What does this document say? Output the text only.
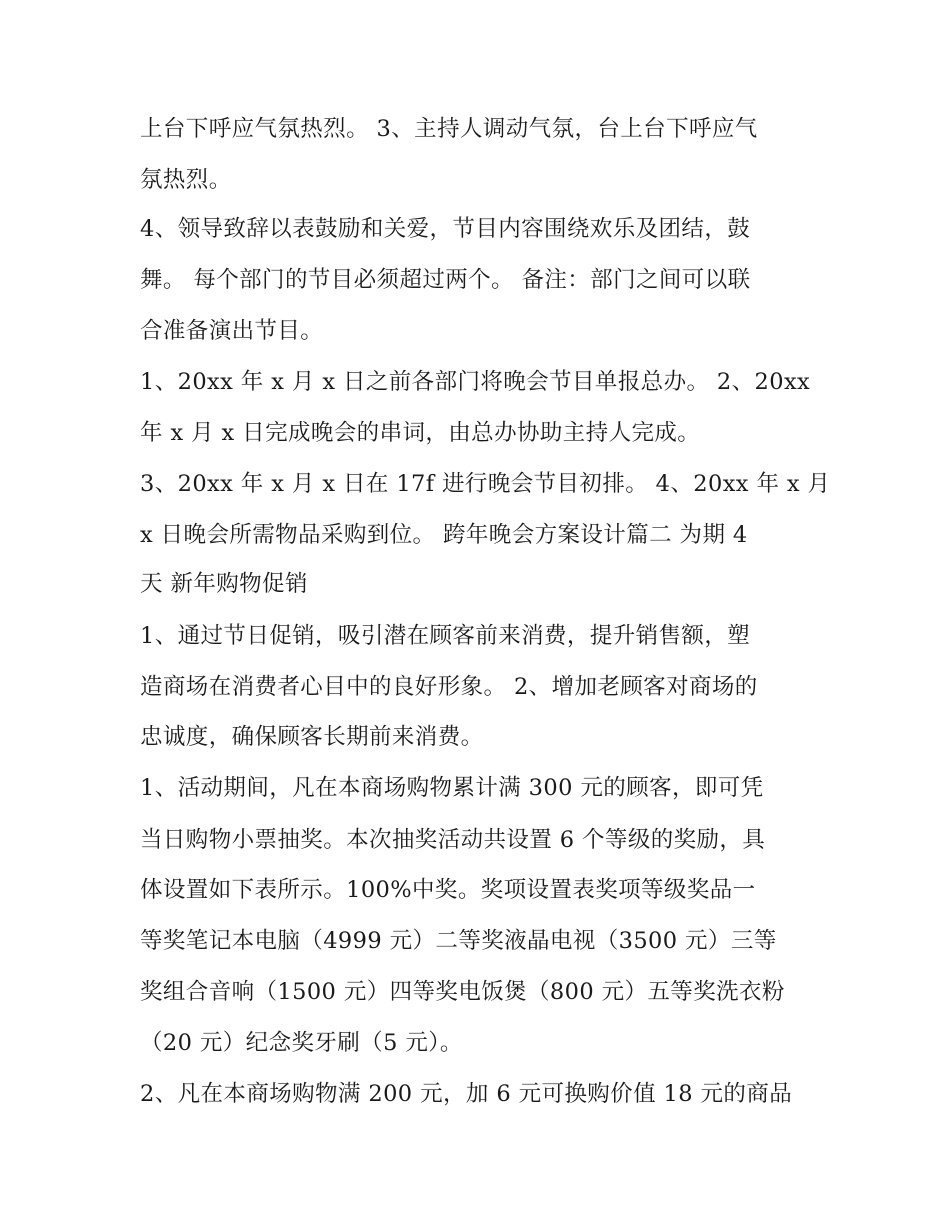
上台下呼应气氛热烈。 3、主持人调动气氛，台上台下呼应气
氛热烈。
4、领导致辞以表鼓励和关爱，节目内容围绕欢乐及团结，鼓
舞。 每个部门的节目必须超过两个。 备注：部门之间可以联
合准备演出节目。
1、20xx 年 x 月 x 日之前各部门将晚会节目单报总办。 2、20xx
年 x 月 x 日完成晚会的串词，由总办协助主持人完成。
3、20xx 年 x 月 x 日在 17f 进行晚会节目初排。 4、20xx 年 x 月
x 日晚会所需物品采购到位。 跨年晚会方案设计篇二 为期 4
天 新年购物促销
1、通过节日促销，吸引潜在顾客前来消费，提升销售额，塑
造商场在消费者心目中的良好形象。 2、增加老顾客对商场的
忠诚度，确保顾客长期前来消费。
1、活动期间，凡在本商场购物累计满 300 元的顾客，即可凭
当日购物小票抽奖。本次抽奖活动共设置 6 个等级的奖励，具
体设置如下表所示。100%中奖。奖项设置表奖项等级奖品一
等奖笔记本电脑（4999 元）二等奖液晶电视（3500 元）三等
奖组合音响（1500 元）四等奖电饭煲（800 元）五等奖洗衣粉
（20 元）纪念奖牙刷（5 元）。
2、凡在本商场购物满 200 元，加 6 元可换购价值 18 元的商品
